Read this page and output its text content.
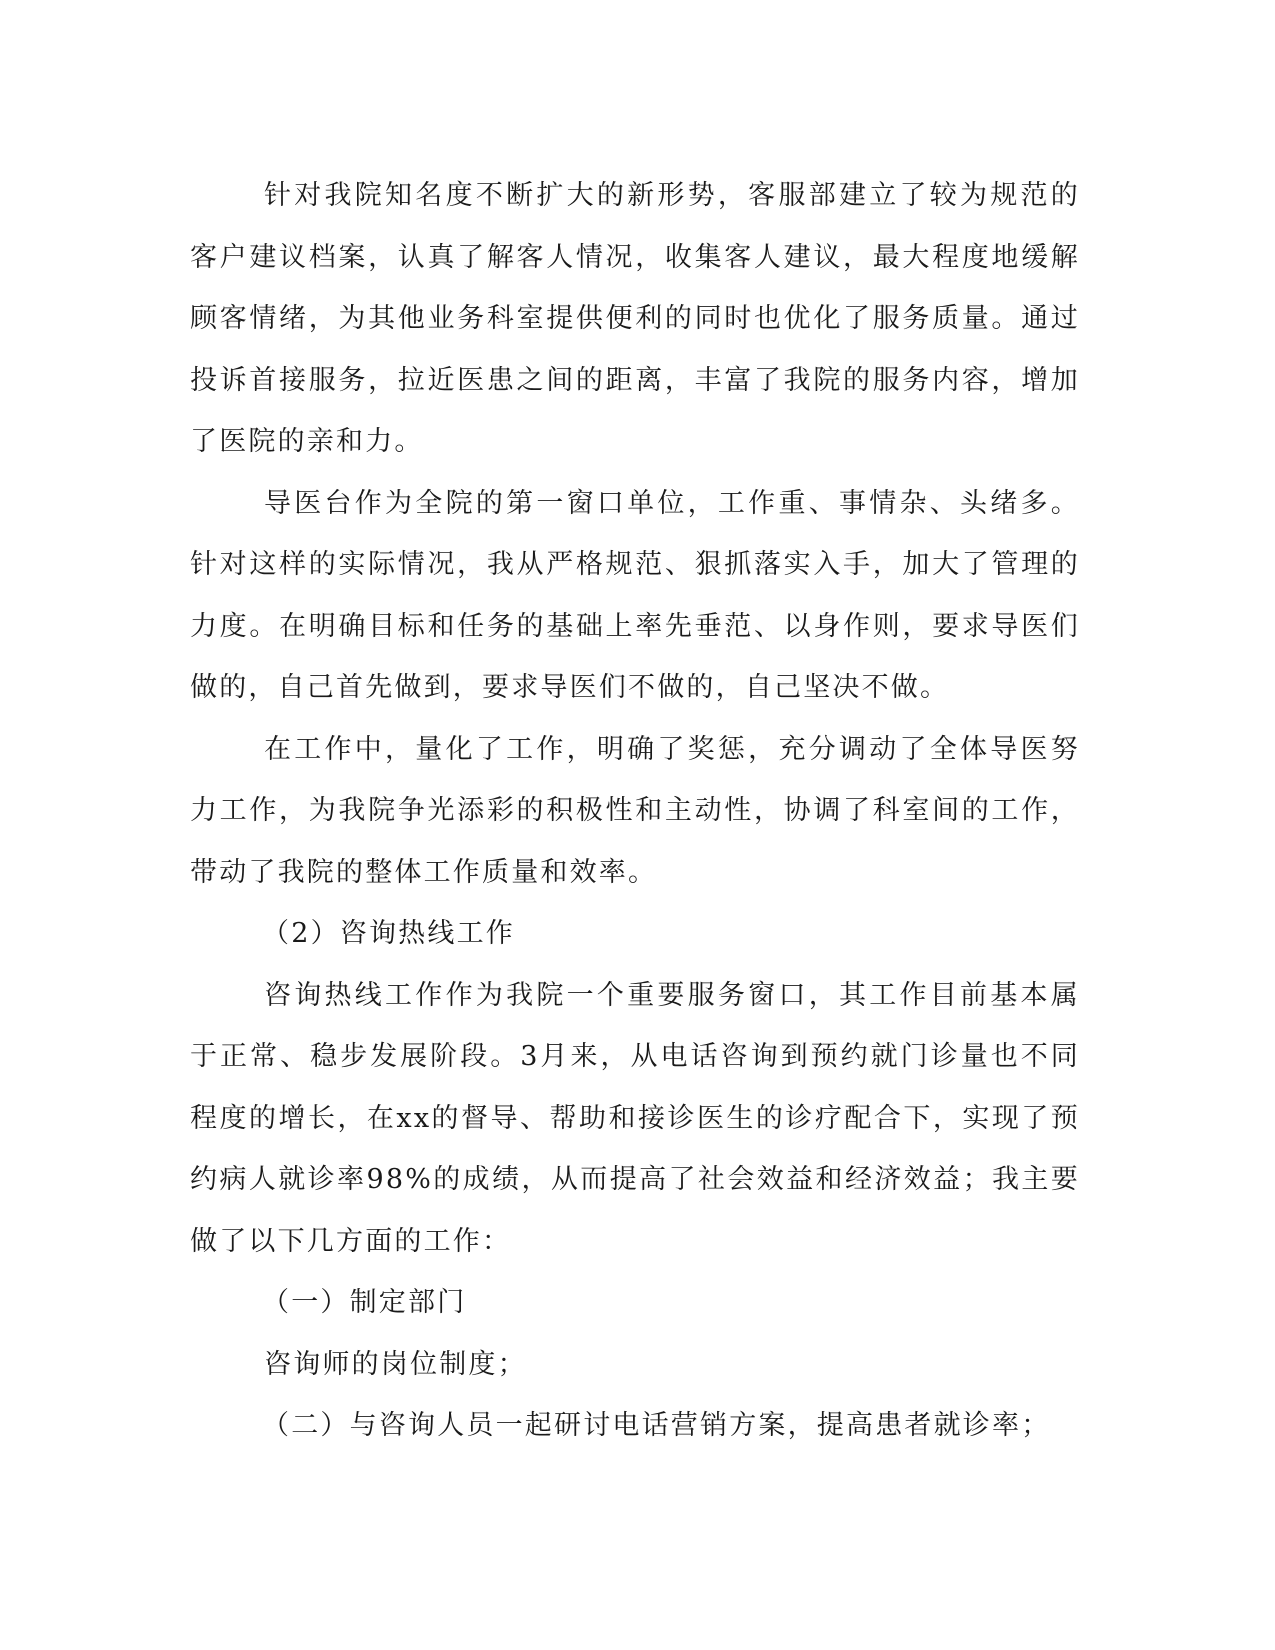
针对我院知名度不断扩大的新形势，客服部建立了较为规范的客户建议档案，认真了解客人情况，收集客人建议，最大程度地缓解顾客情绪，为其他业务科室提供便利的同时也优化了服务质量。通过投诉首接服务，拉近医患之间的距离，丰富了我院的服务内容，增加了医院的亲和力。

导医台作为全院的第一窗口单位，工作重、事情杂、头绪多。针对这样的实际情况，我从严格规范、狠抓落实入手，加大了管理的力度。在明确目标和任务的基础上率先垂范、以身作则，要求导医们做的，自己首先做到，要求导医们不做的，自己坚决不做。

在工作中，量化了工作，明确了奖惩，充分调动了全体导医努力工作，为我院争光添彩的积极性和主动性，协调了科室间的工作，带动了我院的整体工作质量和效率。

（2）咨询热线工作

咨询热线工作作为我院一个重要服务窗口，其工作目前基本属于正常、稳步发展阶段。3月来，从电话咨询到预约就门诊量也不同程度的增长，在xx的督导、帮助和接诊医生的诊疗配合下，实现了预约病人就诊率98%的成绩，从而提高了社会效益和经济效益；我主要做了以下几方面的工作：

（一）制定部门

咨询师的岗位制度；

（二）与咨询人员一起研讨电话营销方案，提高患者就诊率；
